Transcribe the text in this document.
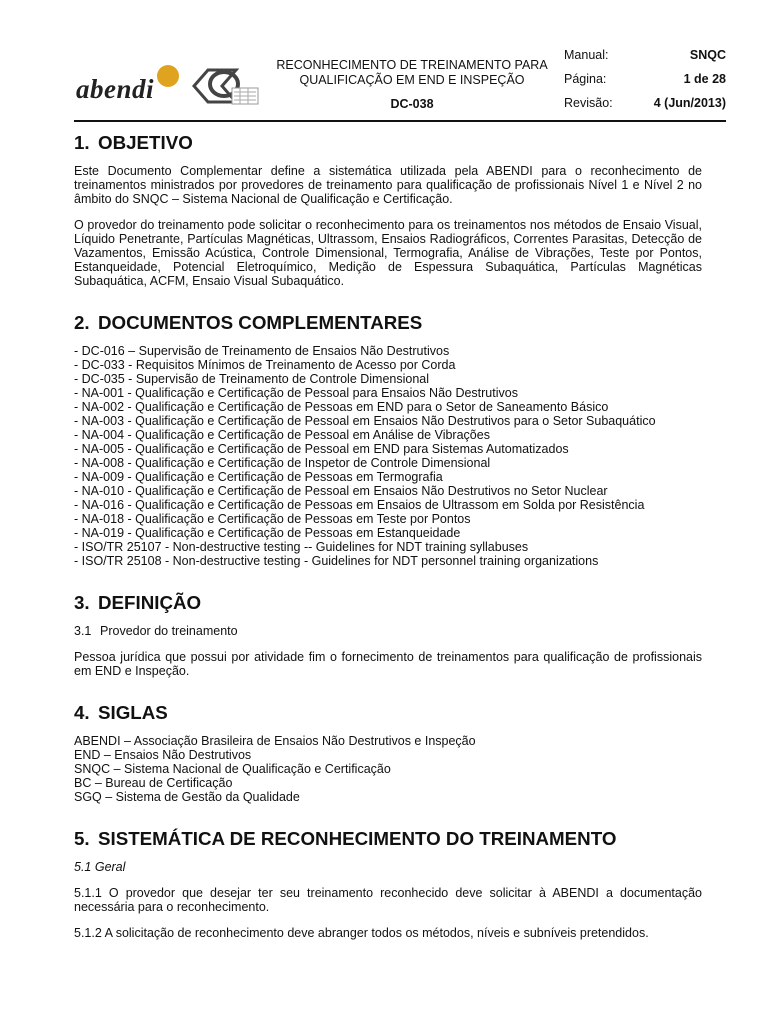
abendi
RECONHECIMENTO DE TREINAMENTO PARA
QUALIFICAÇÃO EM END E INSPEÇÃO
DC-038
Manual:	SNQC
Página:	1 de 28
Revisão:	4 (Jun/2013)
1. OBJETIVO

Este Documento Complementar define a sistemática utilizada pela ABENDI para o reconhecimento de treinamentos ministrados por provedores de treinamento para qualificação de profissionais Nível 1 e Nível 2 no âmbito do SNQC – Sistema Nacional de Qualificação e Certificação.

O provedor do treinamento pode solicitar o reconhecimento para os treinamentos nos métodos de Ensaio Visual, Líquido Penetrante, Partículas Magnéticas, Ultrassom, Ensaios Radiográficos, Correntes Parasitas, Detecção de Vazamentos, Emissão Acústica, Controle Dimensional, Termografia, Análise de Vibrações, Teste por Pontos, Estanqueidade, Potencial Eletroquímico, Medição de Espessura Subaquática, Partículas Magnéticas Subaquática, ACFM, Ensaio Visual Subaquático.

2. DOCUMENTOS COMPLEMENTARES
- DC-016 – Supervisão de Treinamento de Ensaios Não Destrutivos
- DC-033 - Requisitos Mínimos de Treinamento de Acesso por Corda
- DC-035 - Supervisão de Treinamento de Controle Dimensional
- NA-001 - Qualificação e Certificação de Pessoal para Ensaios Não Destrutivos
- NA-002 - Qualificação e Certificação de Pessoas em END para o Setor de Saneamento Básico
- NA-003 - Qualificação e Certificação de Pessoal em Ensaios Não Destrutivos para o Setor Subaquático
- NA-004 - Qualificação e Certificação de Pessoal em Análise de Vibrações
- NA-005 - Qualificação e Certificação de Pessoal em END para Sistemas Automatizados
- NA-008 - Qualificação e Certificação de Inspetor de Controle Dimensional
- NA-009 - Qualificação e Certificação de Pessoas em Termografia
- NA-010 - Qualificação e Certificação de Pessoal em Ensaios Não Destrutivos no Setor Nuclear
- NA-016 - Qualificação e Certificação de Pessoas em Ensaios de Ultrassom em Solda por Resistência
- NA-018 - Qualificação e Certificação de Pessoas em Teste por Pontos
- NA-019 - Qualificação e Certificação de Pessoas em Estanqueidade
- ISO/TR 25107 - Non-destructive testing -- Guidelines for NDT training syllabuses
- ISO/TR 25108 - Non-destructive testing - Guidelines for NDT personnel training organizations
3. DEFINIÇÃO

3.1 Provedor do treinamento

Pessoa jurídica que possui por atividade fim o fornecimento de treinamentos para qualificação de profissionais em END e Inspeção.

4. SIGLAS
ABENDI – Associação Brasileira de Ensaios Não Destrutivos e Inspeção
END – Ensaios Não Destrutivos
SNQC – Sistema Nacional de Qualificação e Certificação
BC – Bureau de Certificação
SGQ – Sistema de Gestão da Qualidade
5. SISTEMÁTICA DE RECONHECIMENTO DO TREINAMENTO

5.1 Geral

5.1.1 O provedor que desejar ter seu treinamento reconhecido deve solicitar à ABENDI a documentação necessária para o reconhecimento.

5.1.2 A solicitação de reconhecimento deve abranger todos os métodos, níveis e subníveis pretendidos.
